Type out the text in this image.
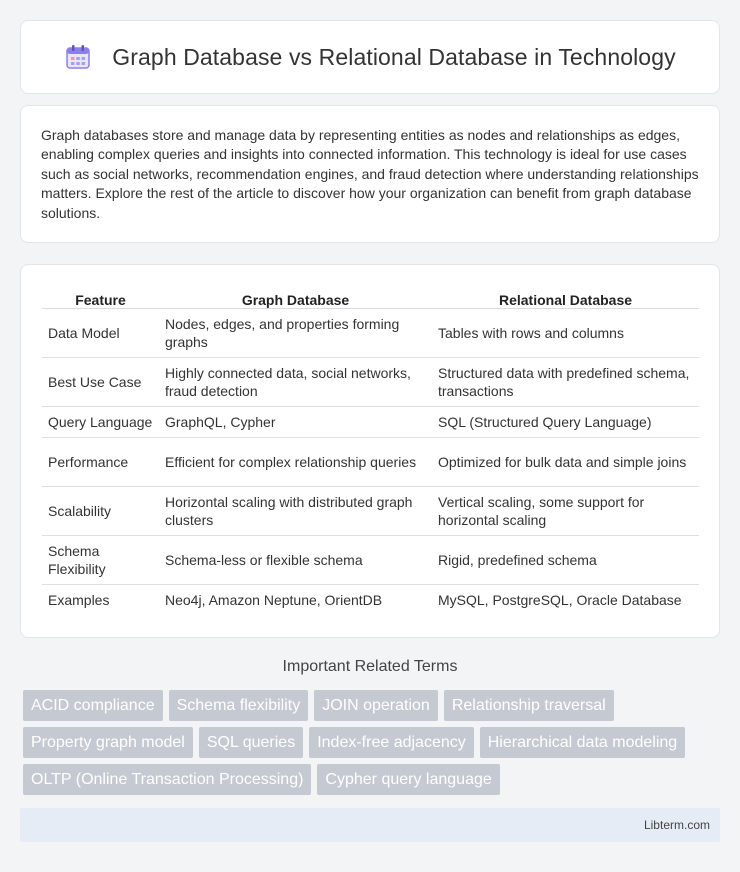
Graph Database vs Relational Database in Technology

Graph databases store and manage data by representing entities as nodes and relationships as edges, enabling complex queries and insights into connected information. This technology is ideal for use cases such as social networks, recommendation engines, and fraud detection where understanding relationships matters. Explore the rest of the article to discover how your organization can benefit from graph database solutions.

Feature	Graph Database	Relational Database
Data Model	Nodes, edges, and properties forming graphs	Tables with rows and columns
Best Use Case	Highly connected data, social networks, fraud detection	Structured data with predefined schema, transactions
Query Language	GraphQL, Cypher	SQL (Structured Query Language)
Performance	Efficient for complex relationship queries	Optimized for bulk data and simple joins
Scalability	Horizontal scaling with distributed graph clusters	Vertical scaling, some support for horizontal scaling
Schema Flexibility	Schema-less or flexible schema	Rigid, predefined schema
Examples	Neo4j, Amazon Neptune, OrientDB	MySQL, PostgreSQL, Oracle Database
Important Related Terms
ACID compliance	Schema flexibility	JOIN operation	Relationship traversal
Property graph model	SQL queries	Index-free adjacency	Hierarchical data modeling
OLTP (Online Transaction Processing)	Cypher query language
Libterm.com
